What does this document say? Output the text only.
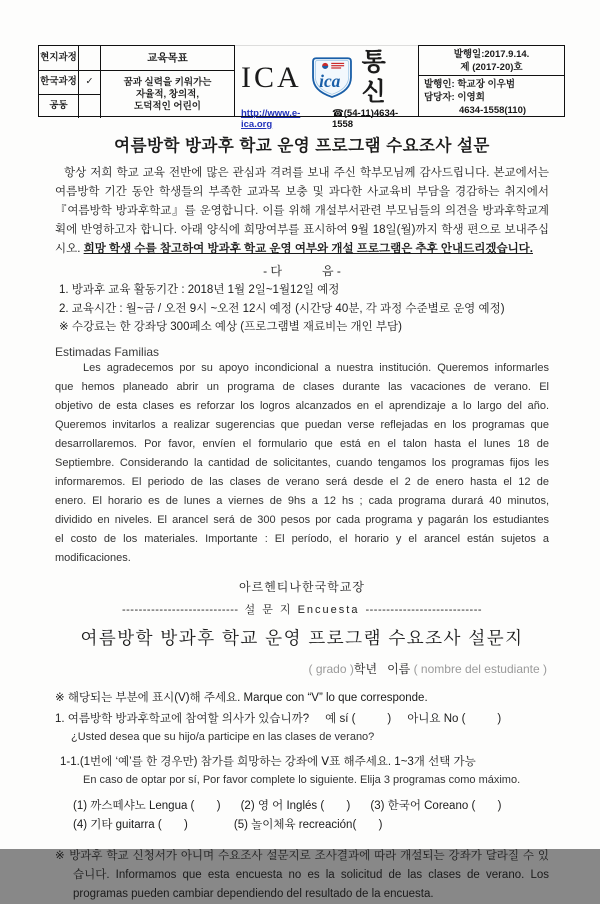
현지과정	교육목표
한국과정 ✓	꿈과 실력을 키워가는
자율적, 창의적,
도덕적인 어린이
공동
ICA ica
통신
http://www.e-ica.org
☎(54-11)4634-1558
발행일:2017.9.14.
제 (2017-20)호
발행인: 학교장 이우범
담당자: 이영희
4634-1558(110)
여름방학 방과후 학교 운영 프로그램 수요조사 설문

항상 저희 학교 교육 전반에 많은 관심과 격려를 보내 주신 학부모님께 감사드립니다. 본교에서는 여름방학 기간 동안 학생들의 부족한 교과목 보충 및 과다한 사교육비 부담을 경감하는 취지에서 『여름방학 방과후학교』를 운영합니다. 이를 위해 개설부서관련 부모님들의 의견을 방과후학교계획에 반영하고자 합니다. 아래 양식에 희망여부를 표시하여 9월 18일(월)까지 학생 편으로 보내주십시오. 희망 학생 수를 참고하여 방과후 학교 운영 여부와 개설 프로그램은 추후 안내드리겠습니다.

- 다            음 -
1. 방과후 교육 활동기간 : 2018년 1월 2일~1월12일 예정
2. 교육시간 : 월~금 / 오전 9시 ~오전 12시 예정 (시간당 40분, 각 과정 수준별로 운영 예정)
※ 수강료는 한 강좌당 300페소 예상 (프로그램별 재료비는 개인 부담)
Estimadas Familias

Les agradecemos por su apoyo incondicional a nuestra institución. Queremos informarles que hemos planeado abrir un programa de clases durante las vacaciones de verano. El objetivo de esta clases es reforzar los logros alcanzados en el aprendizaje a lo largo del año. Queremos invitarlos a realizar sugerencias que puedan verse reflejadas en los programas que desarrollaremos. Por favor, envíen el formulario que está en el talon hasta el lunes 18 de Septiembre. Considerando la cantidad de solicitantes, cuando tengamos los programas fijos les informaremos. El periodo de las clases de verano será desde el 2 de enero hasta el 12 de enero. El horario es de lunes a viernes de 9hs a 12 hs ; cada programa durará 40 minutos, dividido en niveles. El arancel será de 300 pesos por cada programa y pagarán los estudiantes el costo de los materiales. Importante : El período, el horario y el arancel están sujetos a modificaciones.

아르헨티나한국학교장
---------------------------- 설 문 지 Encuesta ----------------------------
여름방학 방과후 학교 운영 프로그램 수요조사 설문지
( grado )학년 이름 ( nombre del estudiante )
※ 해당되는 부분에 표시(V)해 주세요. Marque con “V” lo que corresponde.
1. 여름방학 방과후학교에 참여할 의사가 있습니까? 예 sí (          ) 아니요 No (          )
¿Usted desea que su hijo/a participe en las clases de verano?
1-1.(1번에 ‘예’를 한 경우만) 참가를 희망하는 강좌에 Ⅴ표 해주세요. 1~3개 선택 가능
En caso de optar por sí, Por favor complete lo siguiente. Elija 3 programas como máximo.
(1) 까스떼샤노 Lengua (       ) (2) 영 어 Inglés (       ) (3) 한국어 Coreano (       )
(4) 기타 guitarra (       )	(5) 놀이체육 recreación(       )
※ 방과후 학교 신청서가 아니며 수요조사 설문지로 조사결과에 따라 개설되는 강좌가 달라질 수 있습니다. Informamos que esta encuesta no es la solicitud de las clases de verano. Los programas pueden cambiar dependiendo del resultado de la encuesta.
